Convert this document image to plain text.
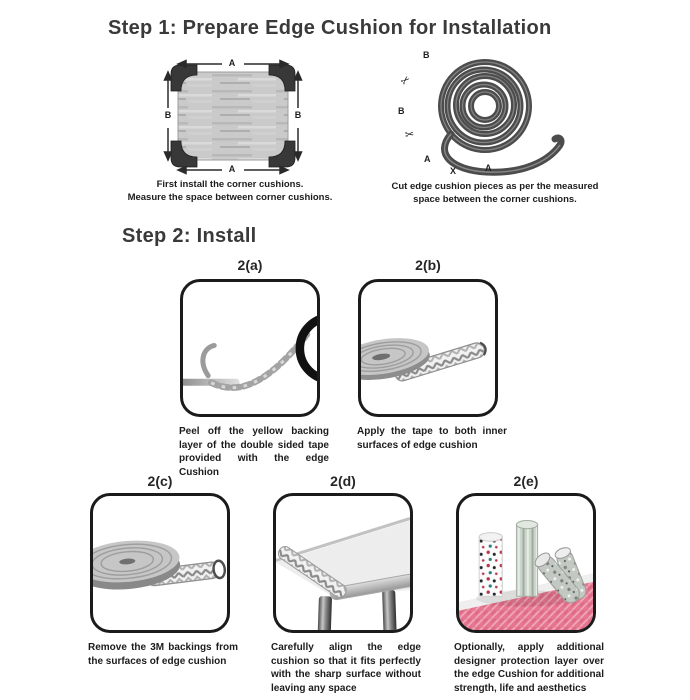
Step 1: Prepare Edge Cushion for Installation
Step 2: Install
A
A
B	B
B
✂
B
✂
A
X	A
First install the corner cushions.
Measure the space between corner cushions.
Cut edge cushion pieces as per the measured
space between the corner cushions.
2(a)	2(b)
2(c)	2(d)	2(e)
Peel off the yellow backing layer of the double sided tape provided with the edge Cushion
Apply the tape to both inner surfaces of edge cushion
Remove the 3M backings from the surfaces of edge cushion
Carefully align the edge cushion so that it fits perfectly with the sharp surface without leaving any space
Optionally, apply additional designer protection layer over the edge Cushion for additional strength, life and aesthetics
